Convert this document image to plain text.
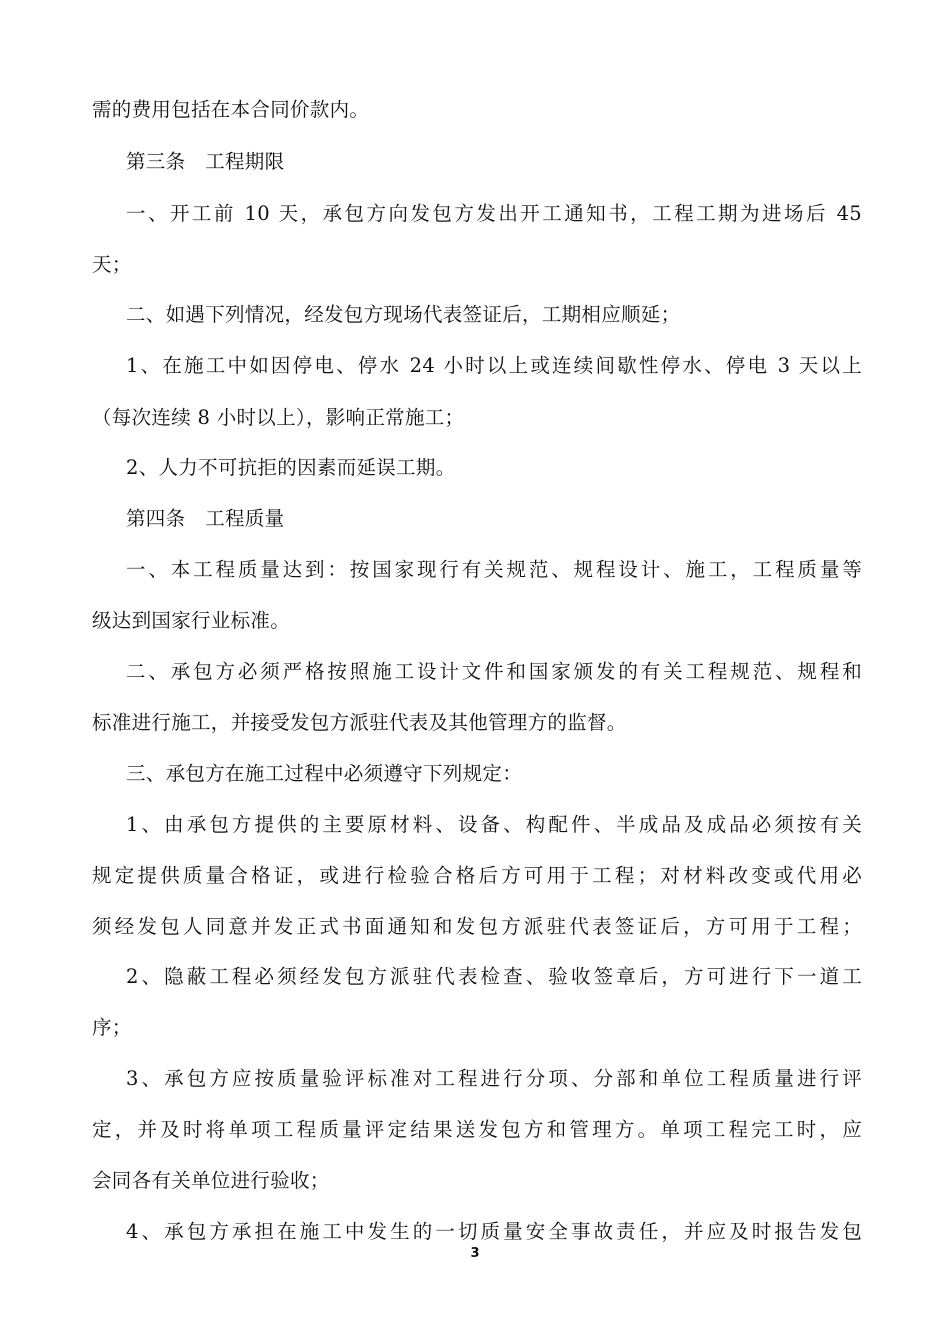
需的费用包括在本合同价款内。
第三条　工程期限
一、开工前 10 天，承包方向发包方发出开工通知书，工程工期为进场后 45
天；
二、如遇下列情况，经发包方现场代表签证后，工期相应顺延；
1、在施工中如因停电、停水 24 小时以上或连续间歇性停水、停电 3 天以上
（每次连续 8 小时以上），影响正常施工；
2、人力不可抗拒的因素而延误工期。
第四条　工程质量
一、本工程质量达到：按国家现行有关规范、规程设计、施工，工程质量等
级达到国家行业标准。
二、承包方必须严格按照施工设计文件和国家颁发的有关工程规范、规程和
标准进行施工，并接受发包方派驻代表及其他管理方的监督。
三、承包方在施工过程中必须遵守下列规定：
1、由承包方提供的主要原材料、设备、构配件、半成品及成品必须按有关
规定提供质量合格证，或进行检验合格后方可用于工程；对材料改变或代用必
须经发包人同意并发正式书面通知和发包方派驻代表签证后，方可用于工程；
2、隐蔽工程必须经发包方派驻代表检查、验收签章后，方可进行下一道工
序；
3、承包方应按质量验评标准对工程进行分项、分部和单位工程质量进行评
定，并及时将单项工程质量评定结果送发包方和管理方。单项工程完工时，应
会同各有关单位进行验收；
4、承包方承担在施工中发生的一切质量安全事故责任，并应及时报告发包
3
